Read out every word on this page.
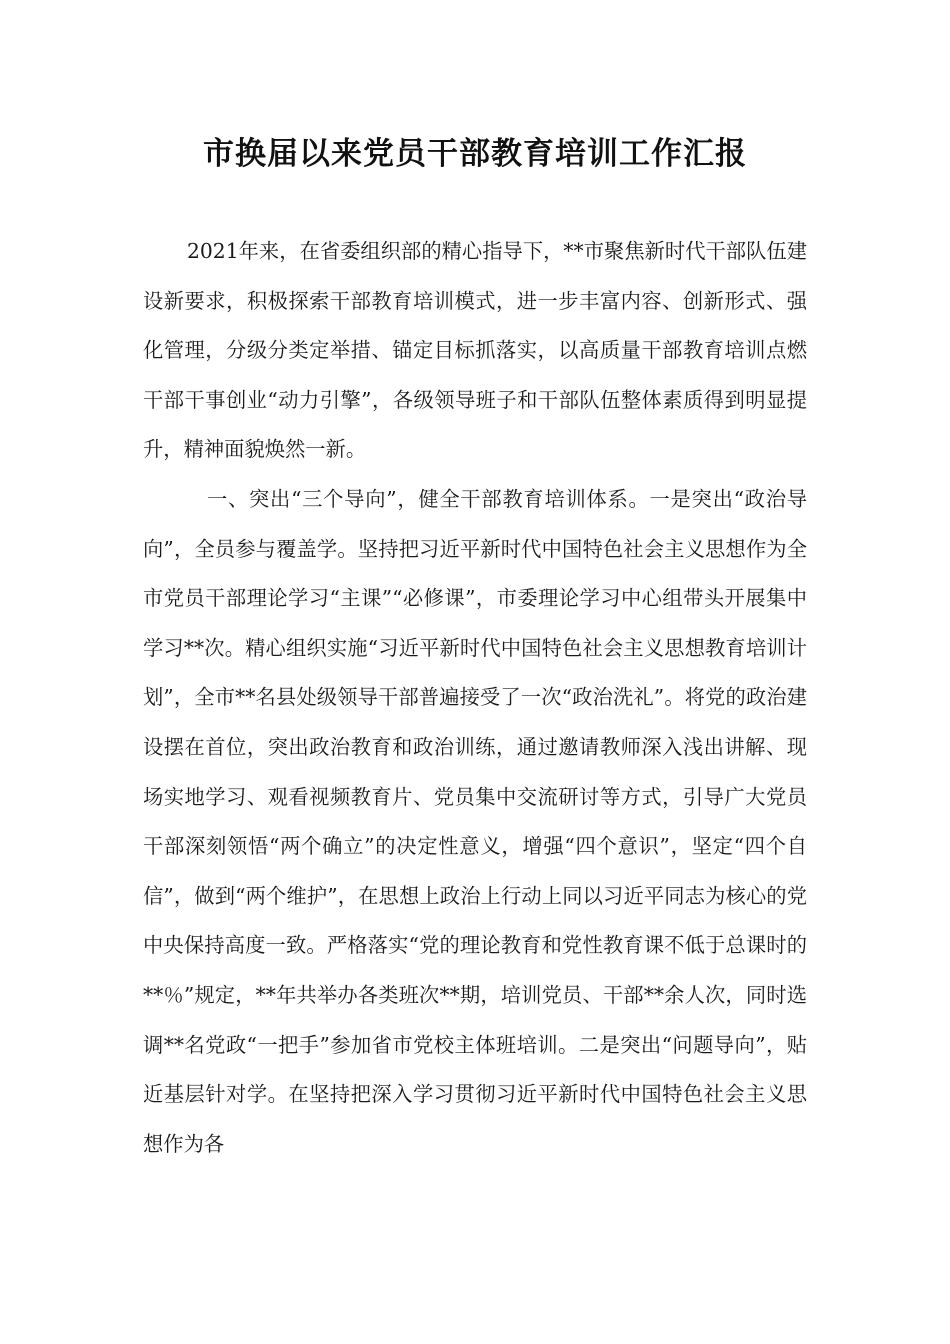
市换届以来党员干部教育培训工作汇报

2021年来，在省委组织部的精心指导下，**市聚焦新时代干部队伍建设新要求，积极探索干部教育培训模式，进一步丰富内容、创新形式、强化管理，分级分类定举措、锚定目标抓落实，以高质量干部教育培训点燃干部干事创业“动力引擎”，各级领导班子和干部队伍整体素质得到明显提升，精神面貌焕然一新。

一、突出“三个导向”，健全干部教育培训体系。一是突出“政治导向”，全员参与覆盖学。坚持把习近平新时代中国特色社会主义思想作为全市党员干部理论学习“主课”“必修课”，市委理论学习中心组带头开展集中学习**次。精心组织实施“习近平新时代中国特色社会主义思想教育培训计划”，全市**名县处级领导干部普遍接受了一次“政治洗礼”。将党的政治建设摆在首位，突出政治教育和政治训练，通过邀请教师深入浅出讲解、现场实地学习、观看视频教育片、党员集中交流研讨等方式，引导广大党员干部深刻领悟“两个确立”的决定性意义，增强“四个意识”，坚定“四个自信”，做到“两个维护”，在思想上政治上行动上同以习近平同志为核心的党中央保持高度一致。严格落实“党的理论教育和党性教育课不低于总课时的**％”规定，**年共举办各类班次**期，培训党员、干部**余人次，同时选调**名党政“一把手”参加省市党校主体班培训。二是突出“问题导向”，贴近基层针对学。在坚持把深入学习贯彻习近平新时代中国特色社会主义思想作为各
